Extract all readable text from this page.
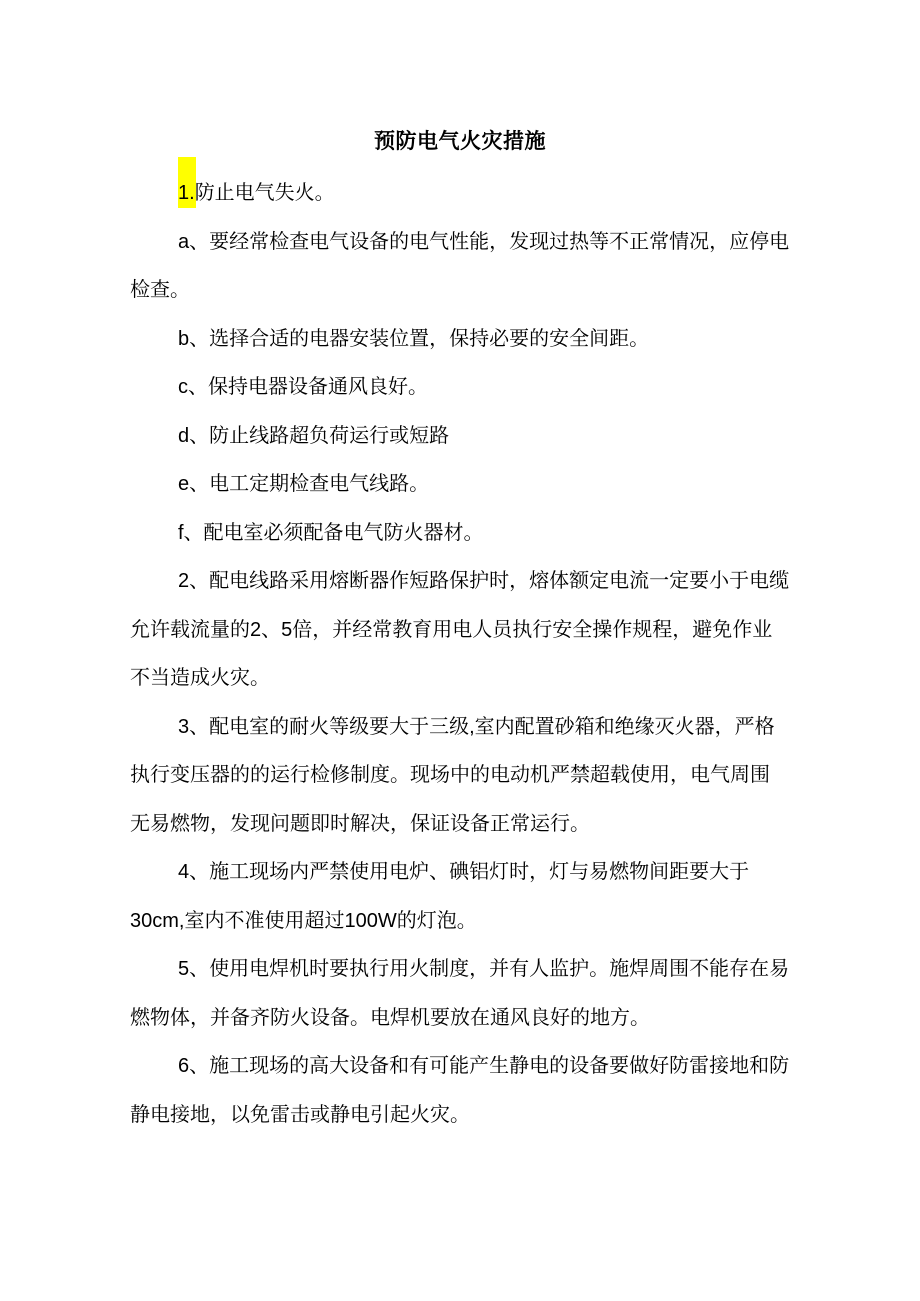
预防电气火灾措施
1.防止电气失火。
a、要经常检查电气设备的电气性能，发现过热等不正常情况，应停电
检查。
b、选择合适的电器安装位置，保持必要的安全间距。
c、保持电器设备通风良好。
d、防止线路超负荷运行或短路
e、电工定期检查电气线路。
f、配电室必须配备电气防火器材。
2、配电线路采用熔断器作短路保护时，熔体额定电流一定要小于电缆
允许载流量的2、5倍，并经常教育用电人员执行安全操作规程，避免作业
不当造成火灾。
3、配电室的耐火等级要大于三级,室内配置砂箱和绝缘灭火器，严格
执行变压器的的运行检修制度。现场中的电动机严禁超载使用，电气周围
无易燃物，发现问题即时解决，保证设备正常运行。
4、施工现场内严禁使用电炉、碘铝灯时，灯与易燃物间距要大于
30cm,室内不准使用超过100W的灯泡。
5、使用电焊机时要执行用火制度，并有人监护。施焊周围不能存在易
燃物体，并备齐防火设备。电焊机要放在通风良好的地方。
6、施工现场的高大设备和有可能产生静电的设备要做好防雷接地和防
静电接地，以免雷击或静电引起火灾。
